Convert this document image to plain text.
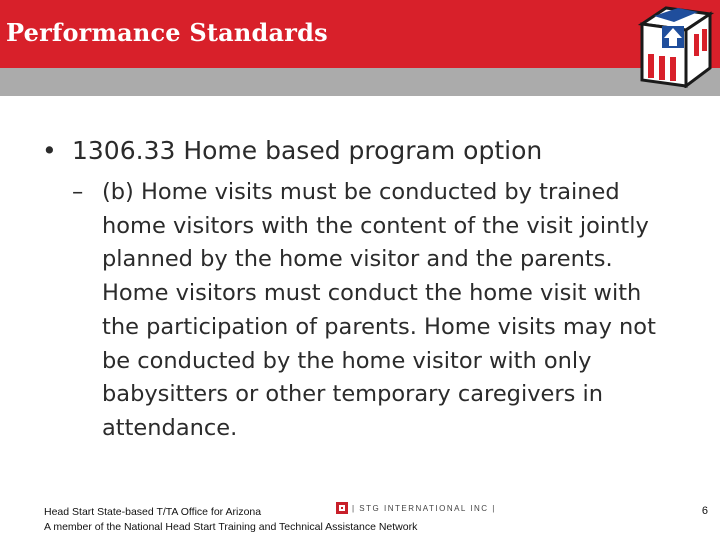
Performance Standards
• 1306.33 Home based program option
– (b) Home visits must be conducted by trained
home visitors with the content of the visit jointly
planned by the home visitor and the parents.
Home visitors must conduct the home visit with
the participation of parents. Home visits may not
be conducted by the home visitor with only
babysitters or other temporary caregivers in
attendance.
Head Start State-based T/TA Office for Arizona
A member of the National Head Start Training and Technical Assistance Network
| STG INTERNATIONAL INC |	6
